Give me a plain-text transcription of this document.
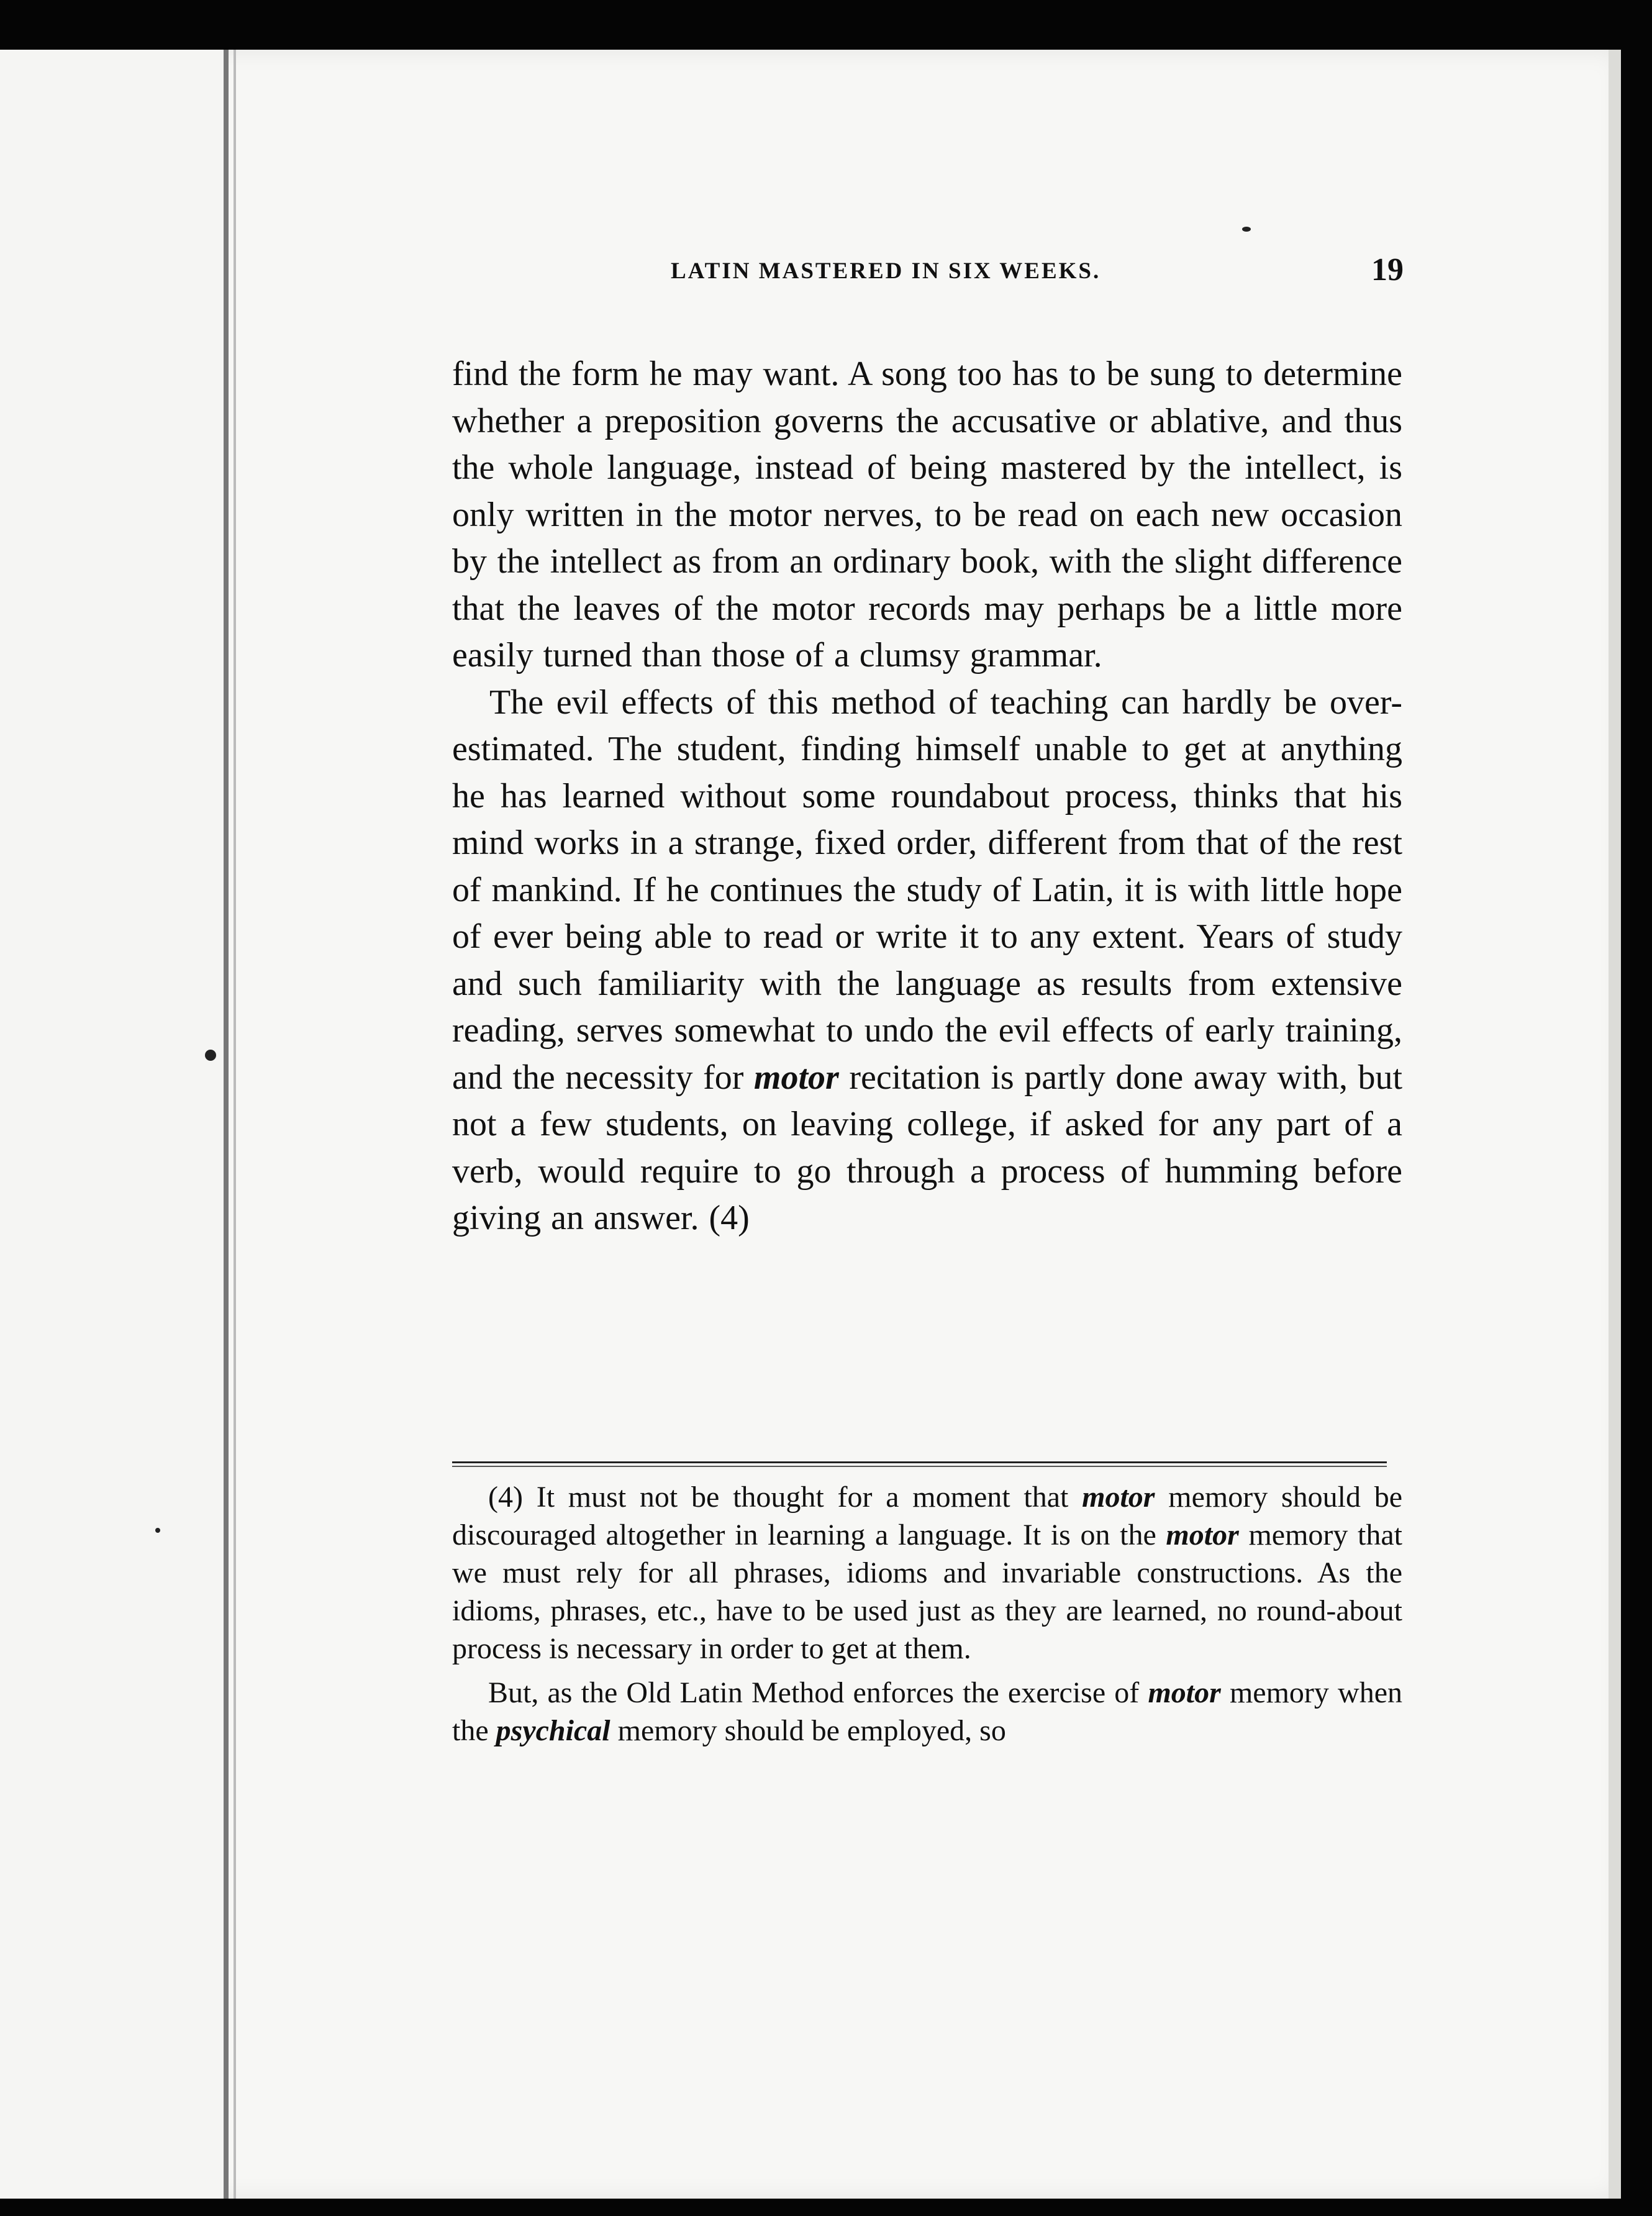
LATIN MASTERED IN SIX WEEKS.	19

find the form he may want. A song too has to be sung to determine whether a preposition governs the accusative or ablative, and thus the whole language, instead of being mastered by the intellect, is only written in the motor nerves, to be read on each new occasion by the intellect as from an ordinary book, with the slight difference that the leaves of the motor records may perhaps be a little more easily turned than those of a clumsy grammar.

The evil effects of this method of teaching can hardly be over-estimated. The student, finding himself unable to get at anything he has learned without some roundabout process, thinks that his mind works in a strange, fixed order, different from that of the rest of mankind. If he continues the study of Latin, it is with little hope of ever being able to read or write it to any extent. Years of study and such familiarity with the language as results from extensive reading, serves somewhat to undo the evil effects of early training, and the necessity for motor recitation is partly done away with, but not a few students, on leaving college, if asked for any part of a verb, would require to go through a process of humming before giving an answer. (4)

(4) It must not be thought for a moment that motor memory should be discouraged altogether in learning a language. It is on the motor memory that we must rely for all phrases, idioms and invariable constructions. As the idioms, phrases, etc., have to be used just as they are learned, no round-about process is necessary in order to get at them.

But, as the Old Latin Method enforces the exercise of motor memory when the psychical memory should be employed, so
